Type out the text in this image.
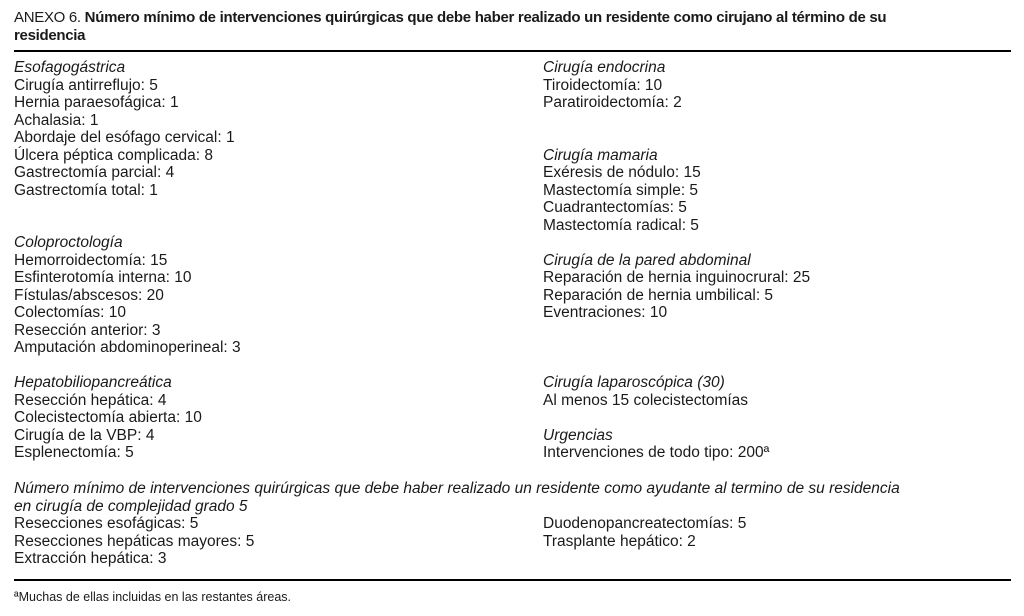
ANEXO 6. Número mínimo de intervenciones quirúrgicas que debe haber realizado un residente como cirujano al término de su
residencia
Esofagogástrica
Cirugía antirreflujo: 5
Hernia paraesofágica: 1
Achalasia: 1
Abordaje del esófago cervical: 1
Úlcera péptica complicada: 8
Gastrectomía parcial: 4
Gastrectomía total: 1
Coloproctología
Hemorroidectomía: 15
Esfinterotomía interna: 10
Fístulas/abscesos: 20
Colectomías: 10
Resección anterior: 3
Amputación abdominoperineal: 3
Hepatobiliopancreática
Resección hepática: 4
Colecistectomía abierta: 10
Cirugía de la VBP: 4
Esplenectomía: 5
Cirugía endocrina
Tiroidectomía: 10
Paratiroidectomía: 2
Cirugía mamaria
Exéresis de nódulo: 15
Mastectomía simple: 5
Cuadrantectomías: 5
Mastectomía radical: 5
Cirugía de la pared abdominal
Reparación de hernia inguinocrural: 25
Reparación de hernia umbilical: 5
Eventraciones: 10
Cirugía laparoscópica (30)
Al menos 15 colecistectomías
Urgencias
Intervenciones de todo tipo: 200ª
Número mínimo de intervenciones quirúrgicas que debe haber realizado un residente como ayudante al termino de su residencia
en cirugía de complejidad grado 5
Resecciones esofágicas: 5
Resecciones hepáticas mayores: 5
Extracción hepática: 3
Duodenopancreatectomías: 5
Trasplante hepático: 2
ªMuchas de ellas incluidas en las restantes áreas.
